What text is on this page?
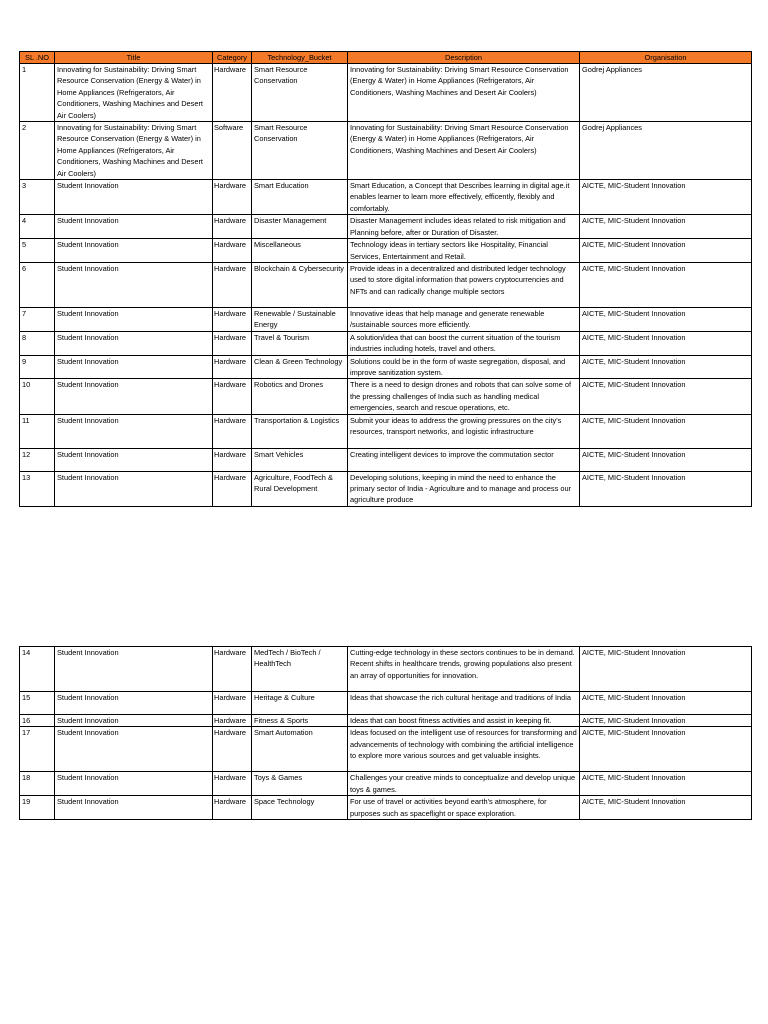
SL .NO	Title	Category	Technology_Bucket	Description	Organisation
1	Innovating for Sustainability: Driving Smart Resource Conservation (Energy & Water) in Home Appliances (Refrigerators, Air Conditioners, Washing Machines and Desert Air Coolers)	Hardware	Smart Resource Conservation	Innovating for Sustainability: Driving Smart Resource Conservation (Energy & Water) in Home Appliances (Refrigerators, Air Conditioners, Washing Machines and Desert Air Coolers)	Godrej Appliances
2	Innovating for Sustainability: Driving Smart Resource Conservation (Energy & Water) in Home Appliances (Refrigerators, Air Conditioners, Washing Machines and Desert Air Coolers)	Software	Smart Resource Conservation	Innovating for Sustainability: Driving Smart Resource Conservation (Energy & Water) in Home Appliances (Refrigerators, Air Conditioners, Washing Machines and Desert Air Coolers)	Godrej Appliances
3	Student Innovation	Hardware	Smart Education	Smart Education, a Concept that Describes learning in digital age.it enables learner to learn more effectively, efficently, flexibly and comfortably.	AICTE, MIC-Student Innovation
4	Student Innovation	Hardware	Disaster Management	Disaster Management includes ideas related to risk mitigation and Planning before, after or Duration of Disaster.	AICTE, MIC-Student Innovation
5	Student Innovation	Hardware	Miscellaneous	Technology ideas in tertiary sectors like Hospitality, Financial Services, Entertainment and Retail.	AICTE, MIC-Student Innovation
6	Student Innovation	Hardware	Blockchain & Cybersecurity	Provide ideas in a decentralized and distributed ledger technology used to store digital information that powers cryptocurrencies and NFTs and can radically change multiple sectors	AICTE, MIC-Student Innovation
7	Student Innovation	Hardware	Renewable / Sustainable Energy	Innovative ideas that help manage and generate renewable /sustainable sources more efficiently.	AICTE, MIC-Student Innovation
8	Student Innovation	Hardware	Travel & Tourism	A solution/idea that can boost the current situation of the tourism industries including hotels, travel and others.	AICTE, MIC-Student Innovation
9	Student Innovation	Hardware	Clean & Green Technology	Solutions could be in the form of waste segregation, disposal, and improve sanitization system.	AICTE, MIC-Student Innovation
10	Student Innovation	Hardware	Robotics and Drones	There is a need to design drones and robots that can solve some of the pressing challenges of India such as handling medical emergencies, search and rescue operations, etc.	AICTE, MIC-Student Innovation
11	Student Innovation	Hardware	Transportation & Logistics	Submit your ideas to address the growing pressures on the city's resources, transport networks, and logistic infrastructure	AICTE, MIC-Student Innovation
12	Student Innovation	Hardware	Smart Vehicles	Creating intelligent devices to improve the commutation sector	AICTE, MIC-Student Innovation
13	Student Innovation	Hardware	Agriculture, FoodTech & Rural Development	Developing solutions, keeping in mind the need to enhance the primary sector of India - Agriculture and to manage and process our agriculture produce	AICTE, MIC-Student Innovation
14	Student Innovation	Hardware	MedTech / BioTech / HealthTech	Cutting-edge technology in these sectors continues to be in demand. Recent shifts in healthcare trends, growing populations also present an array of opportunities for innovation.	AICTE, MIC-Student Innovation
15	Student Innovation	Hardware	Heritage & Culture	Ideas that showcase the rich cultural heritage and traditions of India	AICTE, MIC-Student Innovation
16	Student Innovation	Hardware	Fitness & Sports	Ideas that can boost fitness activities and assist in keeping fit.	AICTE, MIC-Student Innovation
17	Student Innovation	Hardware	Smart Automation	Ideas focused on the intelligent use of resources for transforming and advancements of technology with combining the artificial intelligence to explore more various sources and get valuable insights.	AICTE, MIC-Student Innovation
18	Student Innovation	Hardware	Toys & Games	Challenges your creative minds to conceptualize and develop unique toys & games.	AICTE, MIC-Student Innovation
19	Student Innovation	Hardware	Space Technology	For use of travel or activities beyond earth's atmosphere, for purposes such as spaceflight or space exploration.	AICTE, MIC-Student Innovation
